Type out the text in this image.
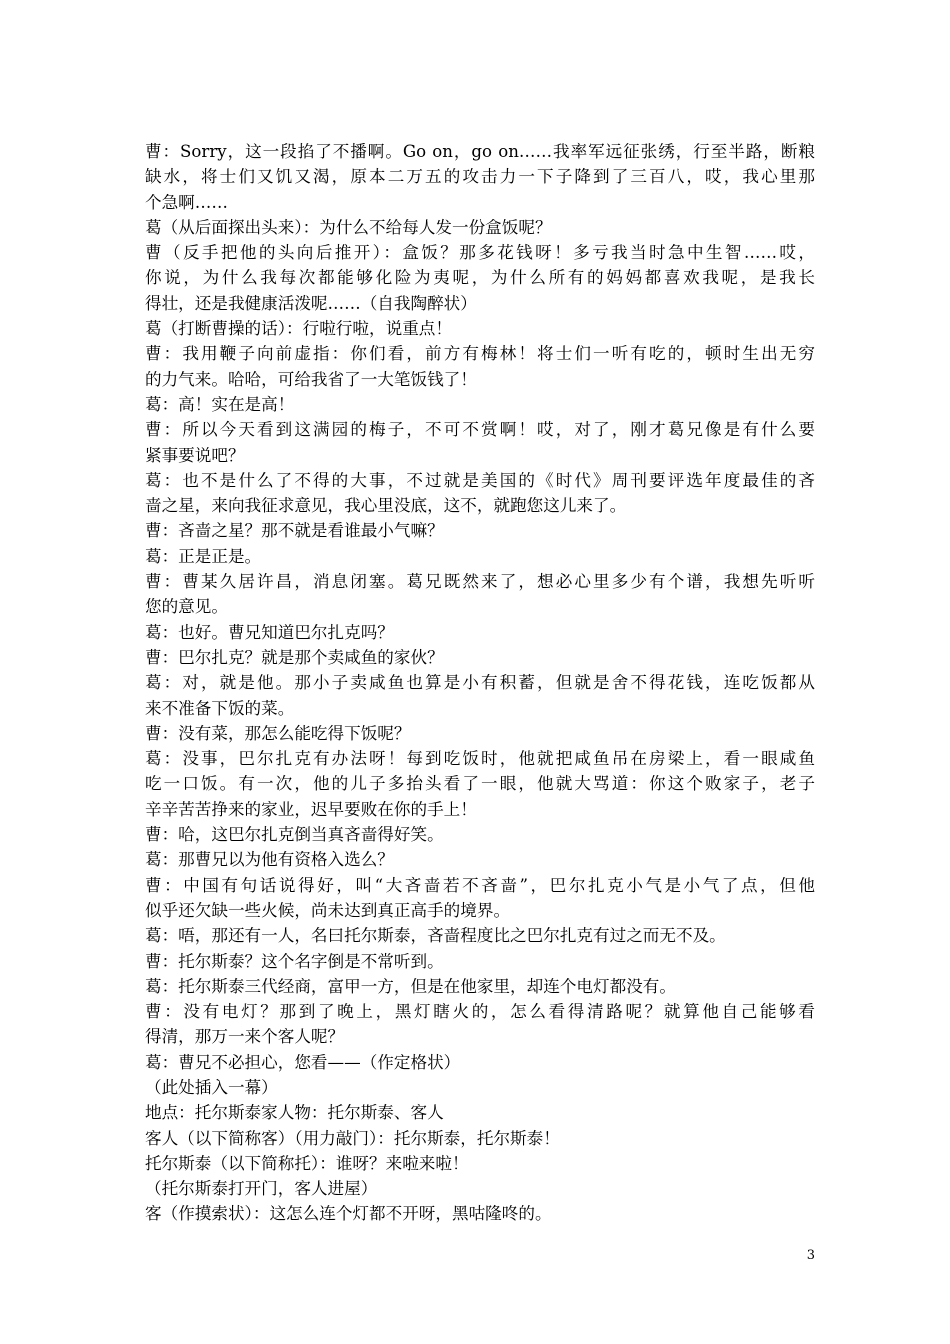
曹：Sorry，这一段掐了不播啊。Go on，go on……我率军远征张绣，行至半路，断粮
缺水，将士们又饥又渴，原本二万五的攻击力一下子降到了三百八，哎，我心里那
个急啊……
葛（从后面探出头来）：为什么不给每人发一份盒饭呢？
曹（反手把他的头向后推开）：盒饭？那多花钱呀！多亏我当时急中生智……哎，
你说，为什么我每次都能够化险为夷呢，为什么所有的妈妈都喜欢我呢，是我长
得壮，还是我健康活泼呢……（自我陶醉状）
葛（打断曹操的话）：行啦行啦，说重点！
曹：我用鞭子向前虚指：你们看，前方有梅林！将士们一听有吃的，顿时生出无穷
的力气来。哈哈，可给我省了一大笔饭钱了！
葛：高！实在是高！
曹：所以今天看到这满园的梅子，不可不赏啊！哎，对了，刚才葛兄像是有什么要
紧事要说吧？
葛：也不是什么了不得的大事，不过就是美国的《时代》周刊要评选年度最佳的吝
啬之星，来向我征求意见，我心里没底，这不，就跑您这儿来了。
曹：吝啬之星？那不就是看谁最小气嘛？
葛：正是正是。
曹：曹某久居许昌，消息闭塞。葛兄既然来了，想必心里多少有个谱，我想先听听
您的意见。
葛：也好。曹兄知道巴尔扎克吗？
曹：巴尔扎克？就是那个卖咸鱼的家伙？
葛：对，就是他。那小子卖咸鱼也算是小有积蓄，但就是舍不得花钱，连吃饭都从
来不准备下饭的菜。
曹：没有菜，那怎么能吃得下饭呢？
葛：没事，巴尔扎克有办法呀！每到吃饭时，他就把咸鱼吊在房梁上，看一眼咸鱼
吃一口饭。有一次，他的儿子多抬头看了一眼，他就大骂道：你这个败家子，老子
辛辛苦苦挣来的家业，迟早要败在你的手上！
曹：哈，这巴尔扎克倒当真吝啬得好笑。
葛：那曹兄以为他有资格入选么？
曹：中国有句话说得好，叫“大吝啬若不吝啬”，巴尔扎克小气是小气了点，但他
似乎还欠缺一些火候，尚未达到真正高手的境界。
葛：唔，那还有一人，名曰托尔斯泰，吝啬程度比之巴尔扎克有过之而无不及。
曹：托尔斯泰？这个名字倒是不常听到。
葛：托尔斯泰三代经商，富甲一方，但是在他家里，却连个电灯都没有。
曹：没有电灯？那到了晚上，黑灯瞎火的，怎么看得清路呢？就算他自己能够看
得清，那万一来个客人呢？
葛：曹兄不必担心，您看——（作定格状）
（此处插入一幕）
地点：托尔斯泰家人物：托尔斯泰、客人
客人（以下简称客）（用力敲门）：托尔斯泰，托尔斯泰！
托尔斯泰（以下简称托）：谁呀？来啦来啦！
（托尔斯泰打开门，客人进屋）
客（作摸索状）：这怎么连个灯都不开呀，黑咕隆咚的。
3
